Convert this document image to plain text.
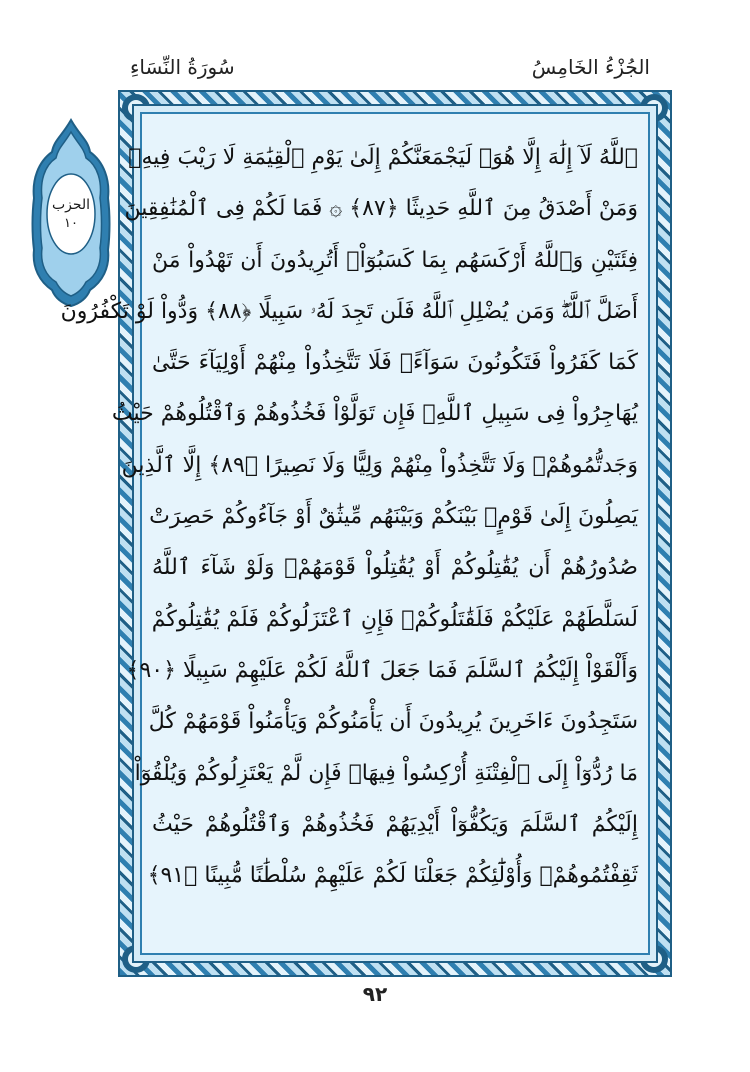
الجُزْءُ الخَامِسُ
سُورَةُ النِّسَاءِ
الحزب
١٠
ٱللَّهُ لَآ إِلَٰهَ إِلَّا هُوَۚ لَيَجْمَعَنَّكُمْ إِلَىٰ يَوْمِ ٱلْقِيَٰمَةِ لَا رَيْبَ فِيهِۗ
وَمَنْ أَصْدَقُ مِنَ ٱللَّهِ حَدِيثًا ﴿٨٧﴾ ۞ فَمَا لَكُمْ فِى ٱلْمُنَٰفِقِينَ
فِئَتَيْنِ وَٱللَّهُ أَرْكَسَهُم بِمَا كَسَبُوٓاْۚ أَتُرِيدُونَ أَن تَهْدُواْ مَنْ
أَضَلَّ ٱللَّهُۖ وَمَن يُضْلِلِ ٱللَّهُ فَلَن تَجِدَ لَهُۥ سَبِيلًا ﴿٨٨﴾ وَدُّواْ لَوْ تَكْفُرُونَ
كَمَا كَفَرُواْ فَتَكُونُونَ سَوَآءًۖ فَلَا تَتَّخِذُواْ مِنْهُمْ أَوْلِيَآءَ حَتَّىٰ
يُهَاجِرُواْ فِى سَبِيلِ ٱللَّهِۚ فَإِن تَوَلَّوْاْ فَخُذُوهُمْ وَٱقْتُلُوهُمْ حَيْثُ
وَجَدتُّمُوهُمْۖ وَلَا تَتَّخِذُواْ مِنْهُمْ وَلِيًّا وَلَا نَصِيرًا ﴿٨٩﴾ إِلَّا ٱلَّذِينَ
يَصِلُونَ إِلَىٰ قَوْمٍۭ بَيْنَكُمْ وَبَيْنَهُم مِّيثَٰقٌ أَوْ جَآءُوكُمْ حَصِرَتْ
صُدُورُهُمْ أَن يُقَٰتِلُوكُمْ أَوْ يُقَٰتِلُواْ قَوْمَهُمْۚ وَلَوْ شَآءَ ٱللَّهُ
لَسَلَّطَهُمْ عَلَيْكُمْ فَلَقَٰتَلُوكُمْۚ فَإِنِ ٱعْتَزَلُوكُمْ فَلَمْ يُقَٰتِلُوكُمْ
وَأَلْقَوْاْ إِلَيْكُمُ ٱلسَّلَمَ فَمَا جَعَلَ ٱللَّهُ لَكُمْ عَلَيْهِمْ سَبِيلًا ﴿٩٠﴾
سَتَجِدُونَ ءَاخَرِينَ يُرِيدُونَ أَن يَأْمَنُوكُمْ وَيَأْمَنُواْ قَوْمَهُمْ كُلَّ
مَا رُدُّوٓاْ إِلَى ٱلْفِتْنَةِ أُرْكِسُواْ فِيهَاۚ فَإِن لَّمْ يَعْتَزِلُوكُمْ وَيُلْقُوٓاْ
إِلَيْكُمُ ٱلسَّلَمَ وَيَكُفُّوٓاْ أَيْدِيَهُمْ فَخُذُوهُمْ وَٱقْتُلُوهُمْ حَيْثُ
ثَقِفْتُمُوهُمْۚ وَأُوْلَٰٓئِكُمْ جَعَلْنَا لَكُمْ عَلَيْهِمْ سُلْطَٰنًا مُّبِينًا ﴿٩١﴾
٩٢
